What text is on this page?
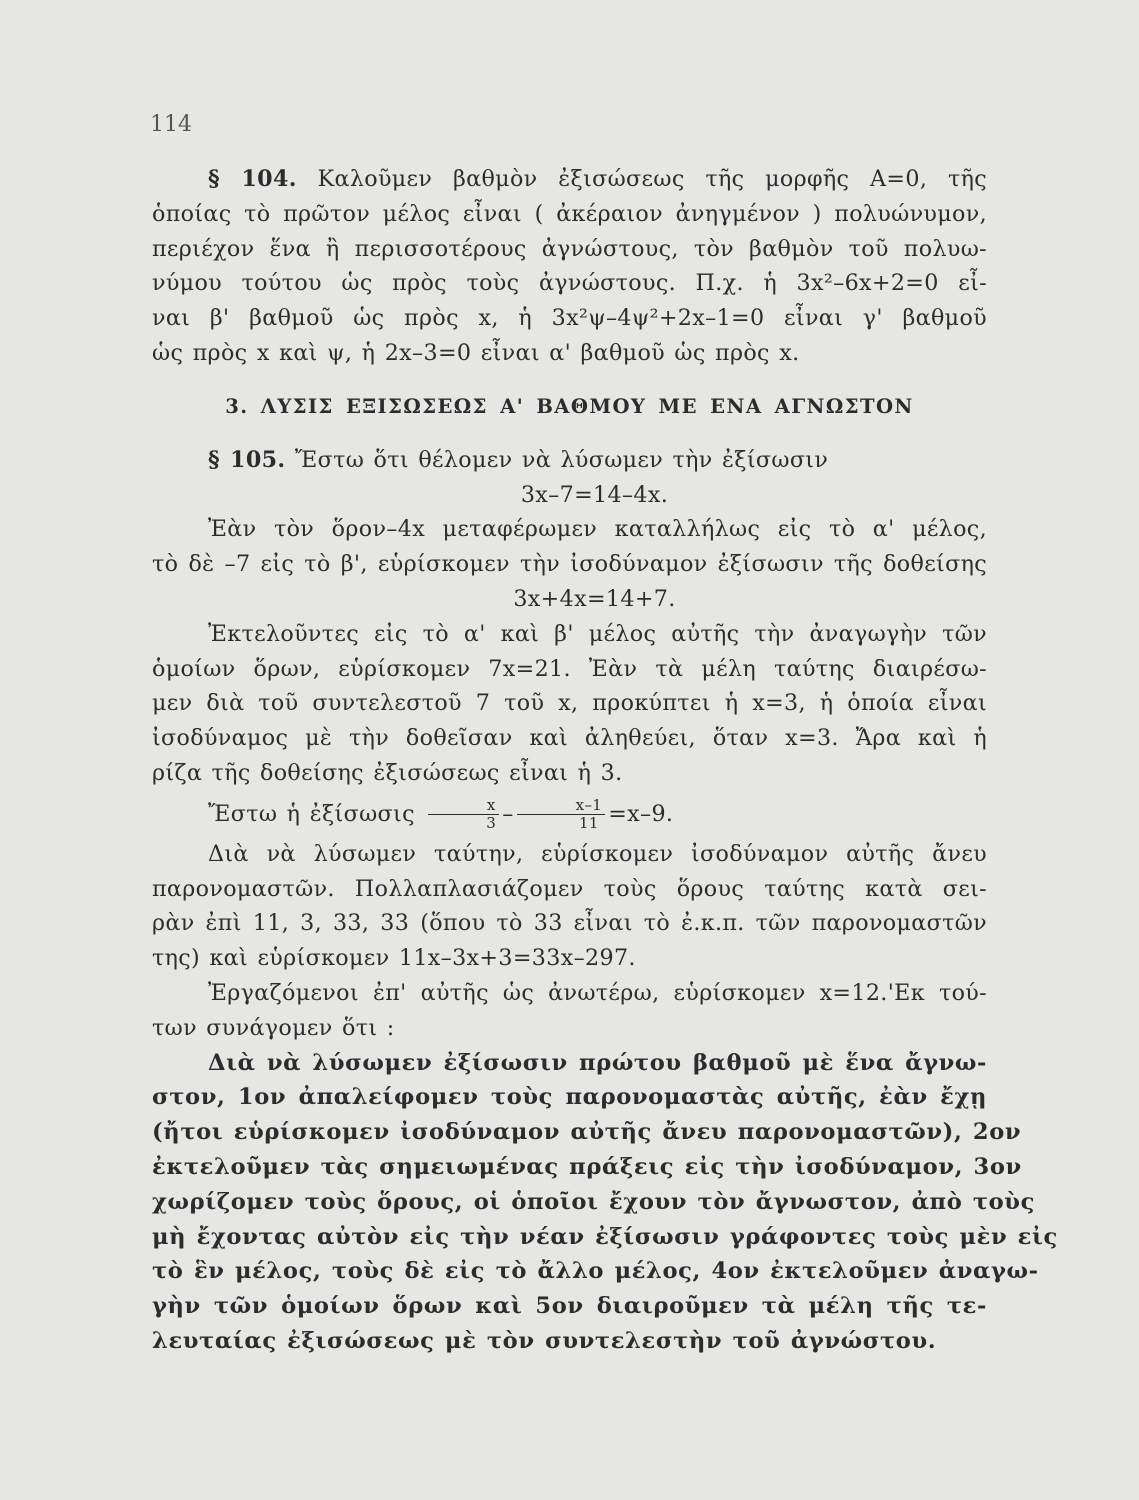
114
§ 104. Καλοῦμεν βαθμὸν ἐξισώσεως τῆς μορφῆς A=0, τῆς
ὁποίας τὸ πρῶτον μέλος εἶναι ( ἀκέραιον ἀνηγμένον ) πολυώνυμον,
περιέχον ἕνα ἢ περισσοτέρους ἀγνώστους, τὸν βαθμὸν τοῦ πολυω-
νύμου τούτου ὡς πρὸς τοὺς ἀγνώστους. Π.χ. ἡ 3x²–6x+2=0 εἶ-
ναι β' βαθμοῦ ὡς πρὸς x, ἡ 3x²ψ–4ψ²+2x–1=0 εἶναι γ' βαθμοῦ
ὡς πρὸς x καὶ ψ, ἡ 2x–3=0 εἶναι α' βαθμοῦ ὡς πρὸς x.
3. ΛΥΣΙΣ ΕΞΙΣΩΣΕΩΣ Α' ΒΑΘΜΟΥ ΜΕ ΕΝΑ ΑΓΝΩΣΤΟΝ
§ 105. Ἔστω ὅτι θέλομεν νὰ λύσωμεν τὴν ἐξίσωσιν
3x–7=14–4x.
Ἐὰν τὸν ὅρον–4x μεταφέρωμεν καταλλήλως εἰς τὸ α' μέλος,
τὸ δὲ –7 εἰς τὸ β', εὑρίσκομεν τὴν ἰσοδύναμον ἐξίσωσιν τῆς δοθείσης
3x+4x=14+7.
Ἐκτελοῦντες εἰς τὸ α' καὶ β' μέλος αὐτῆς τὴν ἀναγωγὴν τῶν
ὁμοίων ὅρων, εὑρίσκομεν 7x=21. Ἐὰν τὰ μέλη ταύτης διαιρέσω-
μεν διὰ τοῦ συντελεστοῦ 7 τοῦ x, προκύπτει ἡ x=3, ἡ ὁποία εἶναι
ἰσοδύναμος μὲ τὴν δοθεῖσαν καὶ ἀληθεύει, ὅταν x=3. Ἄρα καὶ ἡ
ρίζα τῆς δοθείσης ἐξισώσεως εἶναι ἡ 3.
Ἔστω ἡ ἐξίσωσις $\frac{x}{3} - \frac{x-1}{11} =x-9$.
Διὰ νὰ λύσωμεν ταύτην, εὑρίσκομεν ἰσοδύναμον αὐτῆς ἄνευ
παρονομαστῶν. Πολλαπλασιάζομεν τοὺς ὅρους ταύτης κατὰ σει-
ρὰν ἐπὶ 11, 3, 33, 33 (ὅπου τὸ 33 εἶναι τὸ ἐ.κ.π. τῶν παρονομαστῶν
της) καὶ εὑρίσκομεν 11x–3x+3=33x–297.
Ἐργαζόμενοι ἐπ' αὐτῆς ὡς ἀνωτέρω, εὑρίσκομεν x=12.'Εκ τού-
των συνάγομεν ὅτι :
Διὰ νὰ λύσωμεν ἐξίσωσιν πρώτου βαθμοῦ μὲ ἕνα ἄγνω-
στον, 1ον ἀπαλείφομεν τοὺς παρονομαστὰς αὐτῆς, ἐὰν ἔχῃ
(ἤτοι εὑρίσκομεν ἰσοδύναμον αὐτῆς ἄνευ παρονομαστῶν), 2ον
ἐκτελοῦμεν τὰς σημειωμένας πράξεις εἰς τὴν ἰσοδύναμον, 3ον
χωρίζομεν τοὺς ὅρους, οἱ ὁποῖοι ἔχουν τὸν ἄγνωστον, ἀπὸ τοὺς
μὴ ἔχοντας αὐτὸν εἰς τὴν νέαν ἐξίσωσιν γράφοντες τοὺς μὲν εἰς
τὸ ἓν μέλος, τοὺς δὲ εἰς τὸ ἄλλο μέλος, 4ον ἐκτελοῦμεν ἀναγω-
γὴν τῶν ὁμοίων ὅρων καὶ 5ον διαιροῦμεν τὰ μέλη τῆς τε-
λευταίας ἐξισώσεως μὲ τὸν συντελεστὴν τοῦ ἀγνώστου.
